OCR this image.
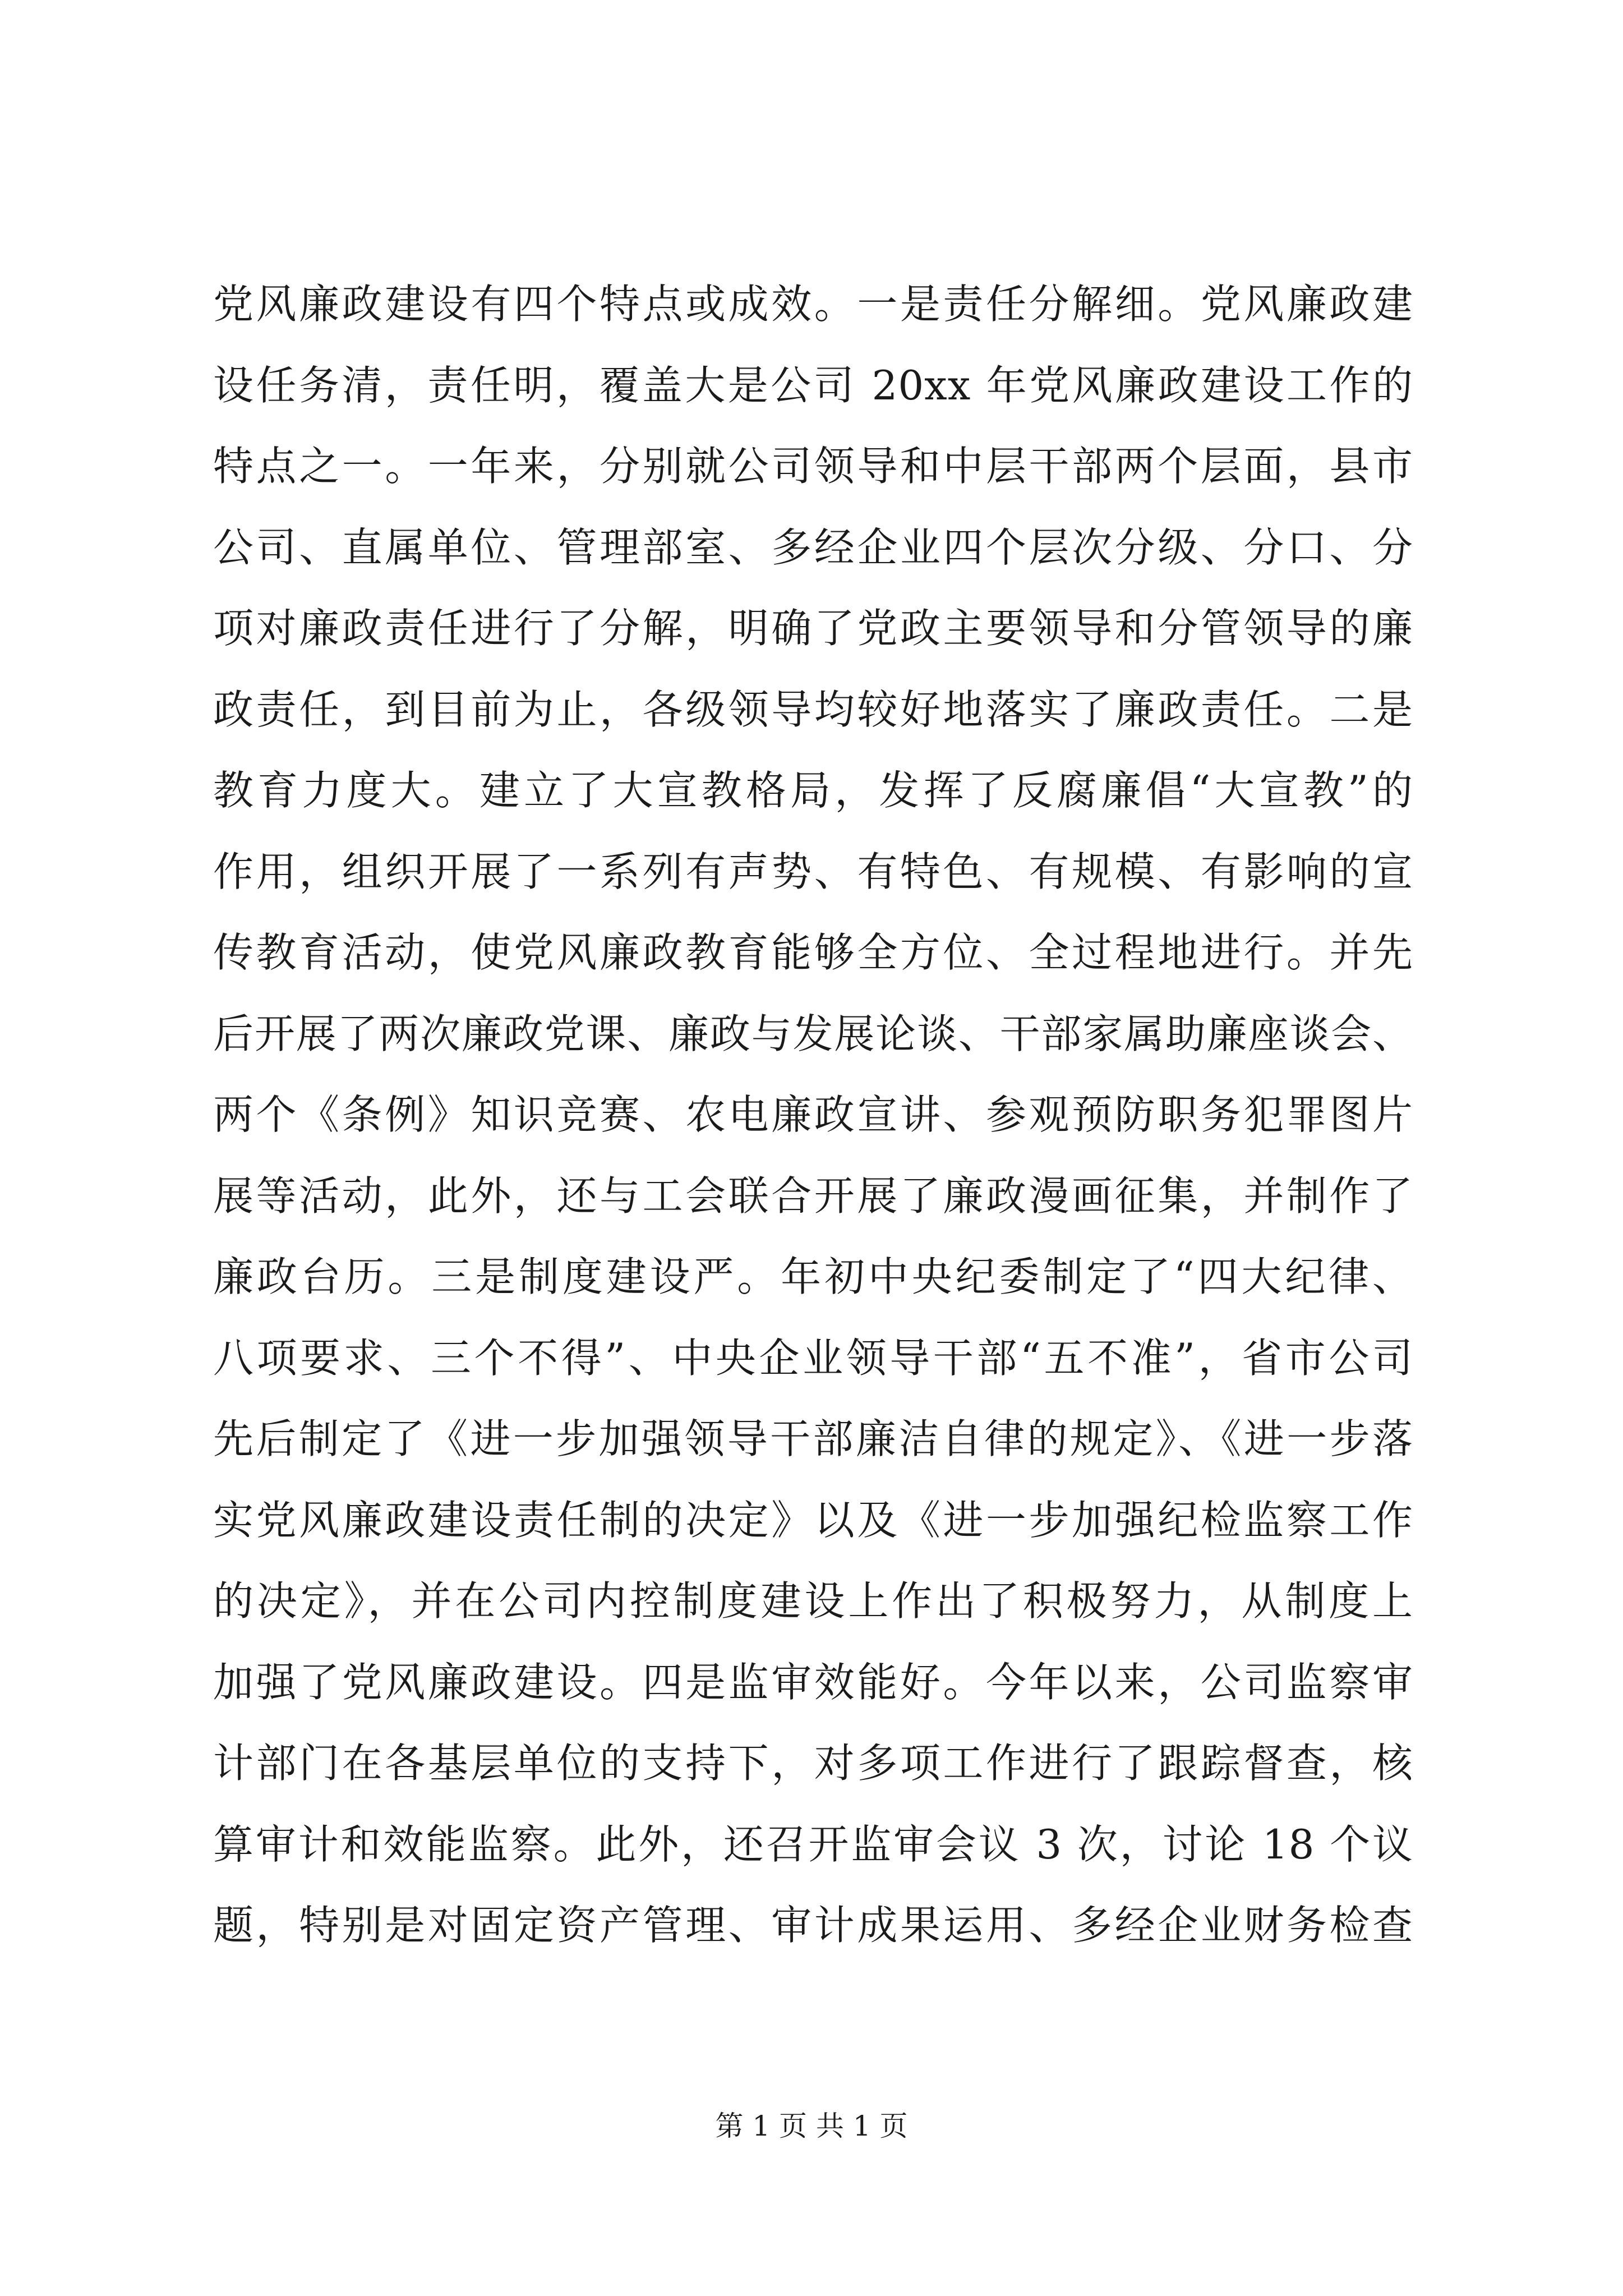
党风廉政建设有四个特点或成效。一是责任分解细。党风廉政建
设任务清，责任明，覆盖大是公司 20xx 年党风廉政建设工作的
特点之一。一年来，分别就公司领导和中层干部两个层面，县市
公司、直属单位、管理部室、多经企业四个层次分级、分口、分
项对廉政责任进行了分解，明确了党政主要领导和分管领导的廉
政责任，到目前为止，各级领导均较好地落实了廉政责任。二是
教育力度大。建立了大宣教格局，发挥了反腐廉倡“大宣教”的
作用，组织开展了一系列有声势、有特色、有规模、有影响的宣
传教育活动，使党风廉政教育能够全方位、全过程地进行。并先
后开展了两次廉政党课、廉政与发展论谈、干部家属助廉座谈会、
两个《条例》知识竞赛、农电廉政宣讲、参观预防职务犯罪图片
展等活动，此外，还与工会联合开展了廉政漫画征集，并制作了
廉政台历。三是制度建设严。年初中央纪委制定了“四大纪律、
八项要求、三个不得”、中央企业领导干部“五不准”，省市公司
先后制定了《进一步加强领导干部廉洁自律的规定》、《进一步落
实党风廉政建设责任制的决定》以及《进一步加强纪检监察工作
的决定》，并在公司内控制度建设上作出了积极努力，从制度上
加强了党风廉政建设。四是监审效能好。今年以来，公司监察审
计部门在各基层单位的支持下，对多项工作进行了跟踪督查，核
算审计和效能监察。此外，还召开监审会议 3 次，讨论 18 个议
题，特别是对固定资产管理、审计成果运用、多经企业财务检查
第 1 页 共 1 页
